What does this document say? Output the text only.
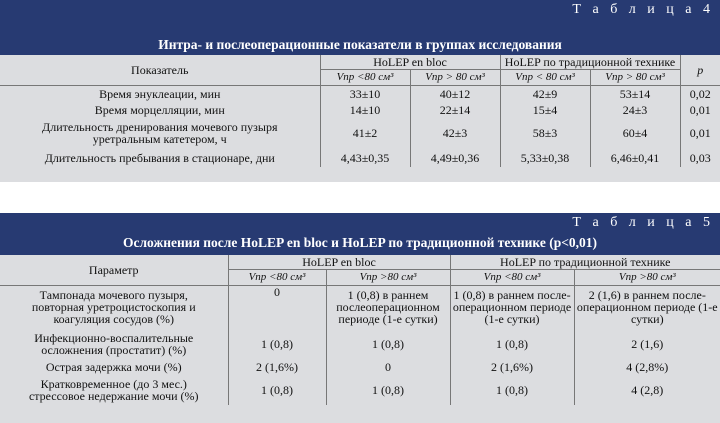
Т а б л и ц а 4
Интра- и послеоперационные показатели в группах исследования
Показатель	HoLEP en bloc		HoLEP по традиционной технике		p
	Vпр <80 см³	Vпр > 80 см³	Vпр < 80 см³	Vпр > 80 см³	
Время энуклеации, мин	33±10	40±12	42±9	53±14	0,02
Время морцелляции, мин	14±10	22±14	15±4	24±3	0,01
Длительность дренирования мочевого пузыря уретральным катетером, ч	41±2	42±3	58±3	60±4	0,01
Длительность пребывания в стационаре, дни	4,43±0,35	4,49±0,36	5,33±0,38	6,46±0,41	0,03
Т а б л и ц а 5
Осложнения после HoLEP en bloc и HoLEP по традиционной технике (p<0,01)
Параметр	HoLEP en bloc		HoLEP по традиционной технике	
	Vпр <80 см³	Vпр >80 см³	Vпр <80 см³	Vпр >80 см³
Тампонада мочевого пузыря, повторная уретроцистоскопия и коагуляция сосудов (%)	0	1 (0,8) в раннем послеоперационном периоде (1-е сутки)	1 (0,8) в раннем после-операционном периоде (1-е сутки)	2 (1,6) в раннем после-операционном периоде (1-е сутки)
Инфекционно-воспалительные осложнения (простатит) (%)	1 (0,8)	1 (0,8)	1 (0,8)	2 (1,6)
Острая задержка мочи (%)	2 (1,6%)	0	2 (1,6%)	4 (2,8%)
Кратковременное (до 3 мес.) стрессовое недержание мочи (%)	1 (0,8)	1 (0,8)	1 (0,8)	4 (2,8)
